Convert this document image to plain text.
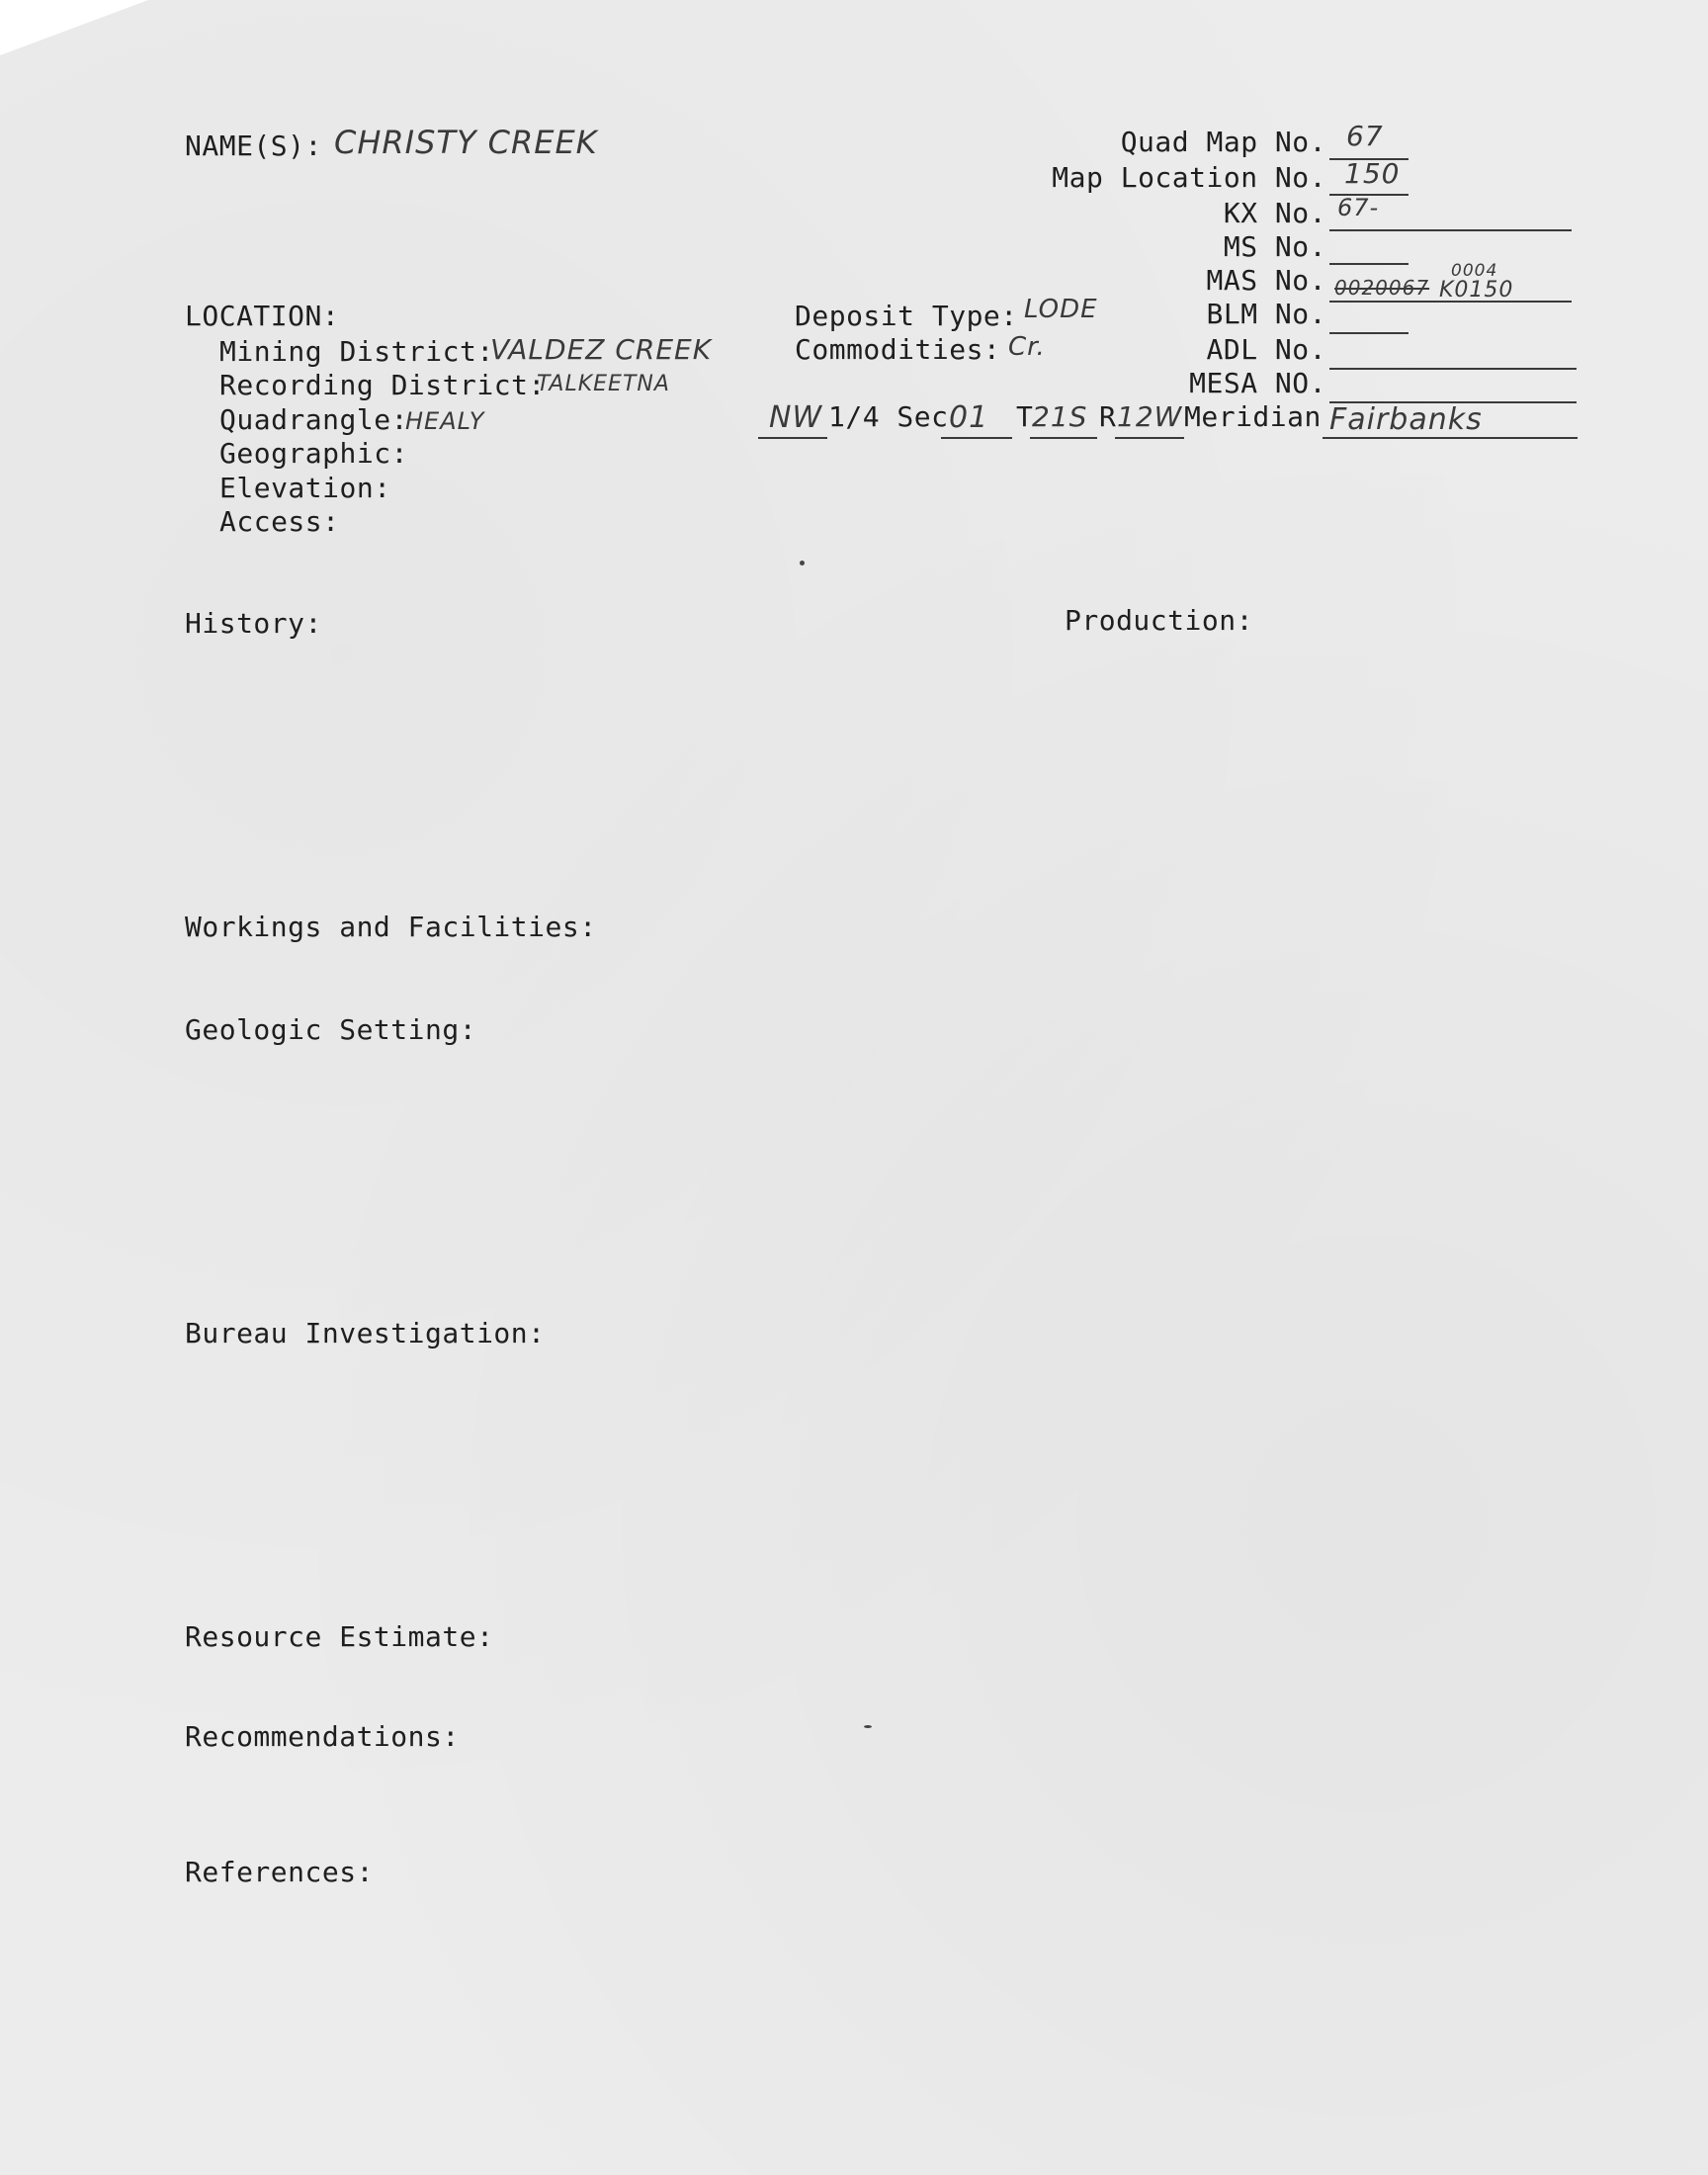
NAME(S): CHRISTY CREEK	Quad Map No. 67
Map Location No. 150
KX No. 67-
MS No.
MAS No. 0020067
0004
K0150
BLM No.
ADL No.
MESA NO.
LOCATION:
Mining District:
VALDEZ CREEK
Recording District:
TALKEETNA
Quadrangle:
HEALY
Geographic:
Elevation:
Access:
Deposit Type: LODE
Commodities: Cr.
NW 1/4 Sec 01 T
21S R 12W Meridian Fairbanks
History:	Production:
Workings and Facilities:
Geologic Setting:
Bureau Investigation:
Resource Estimate:
Recommendations:
References:
